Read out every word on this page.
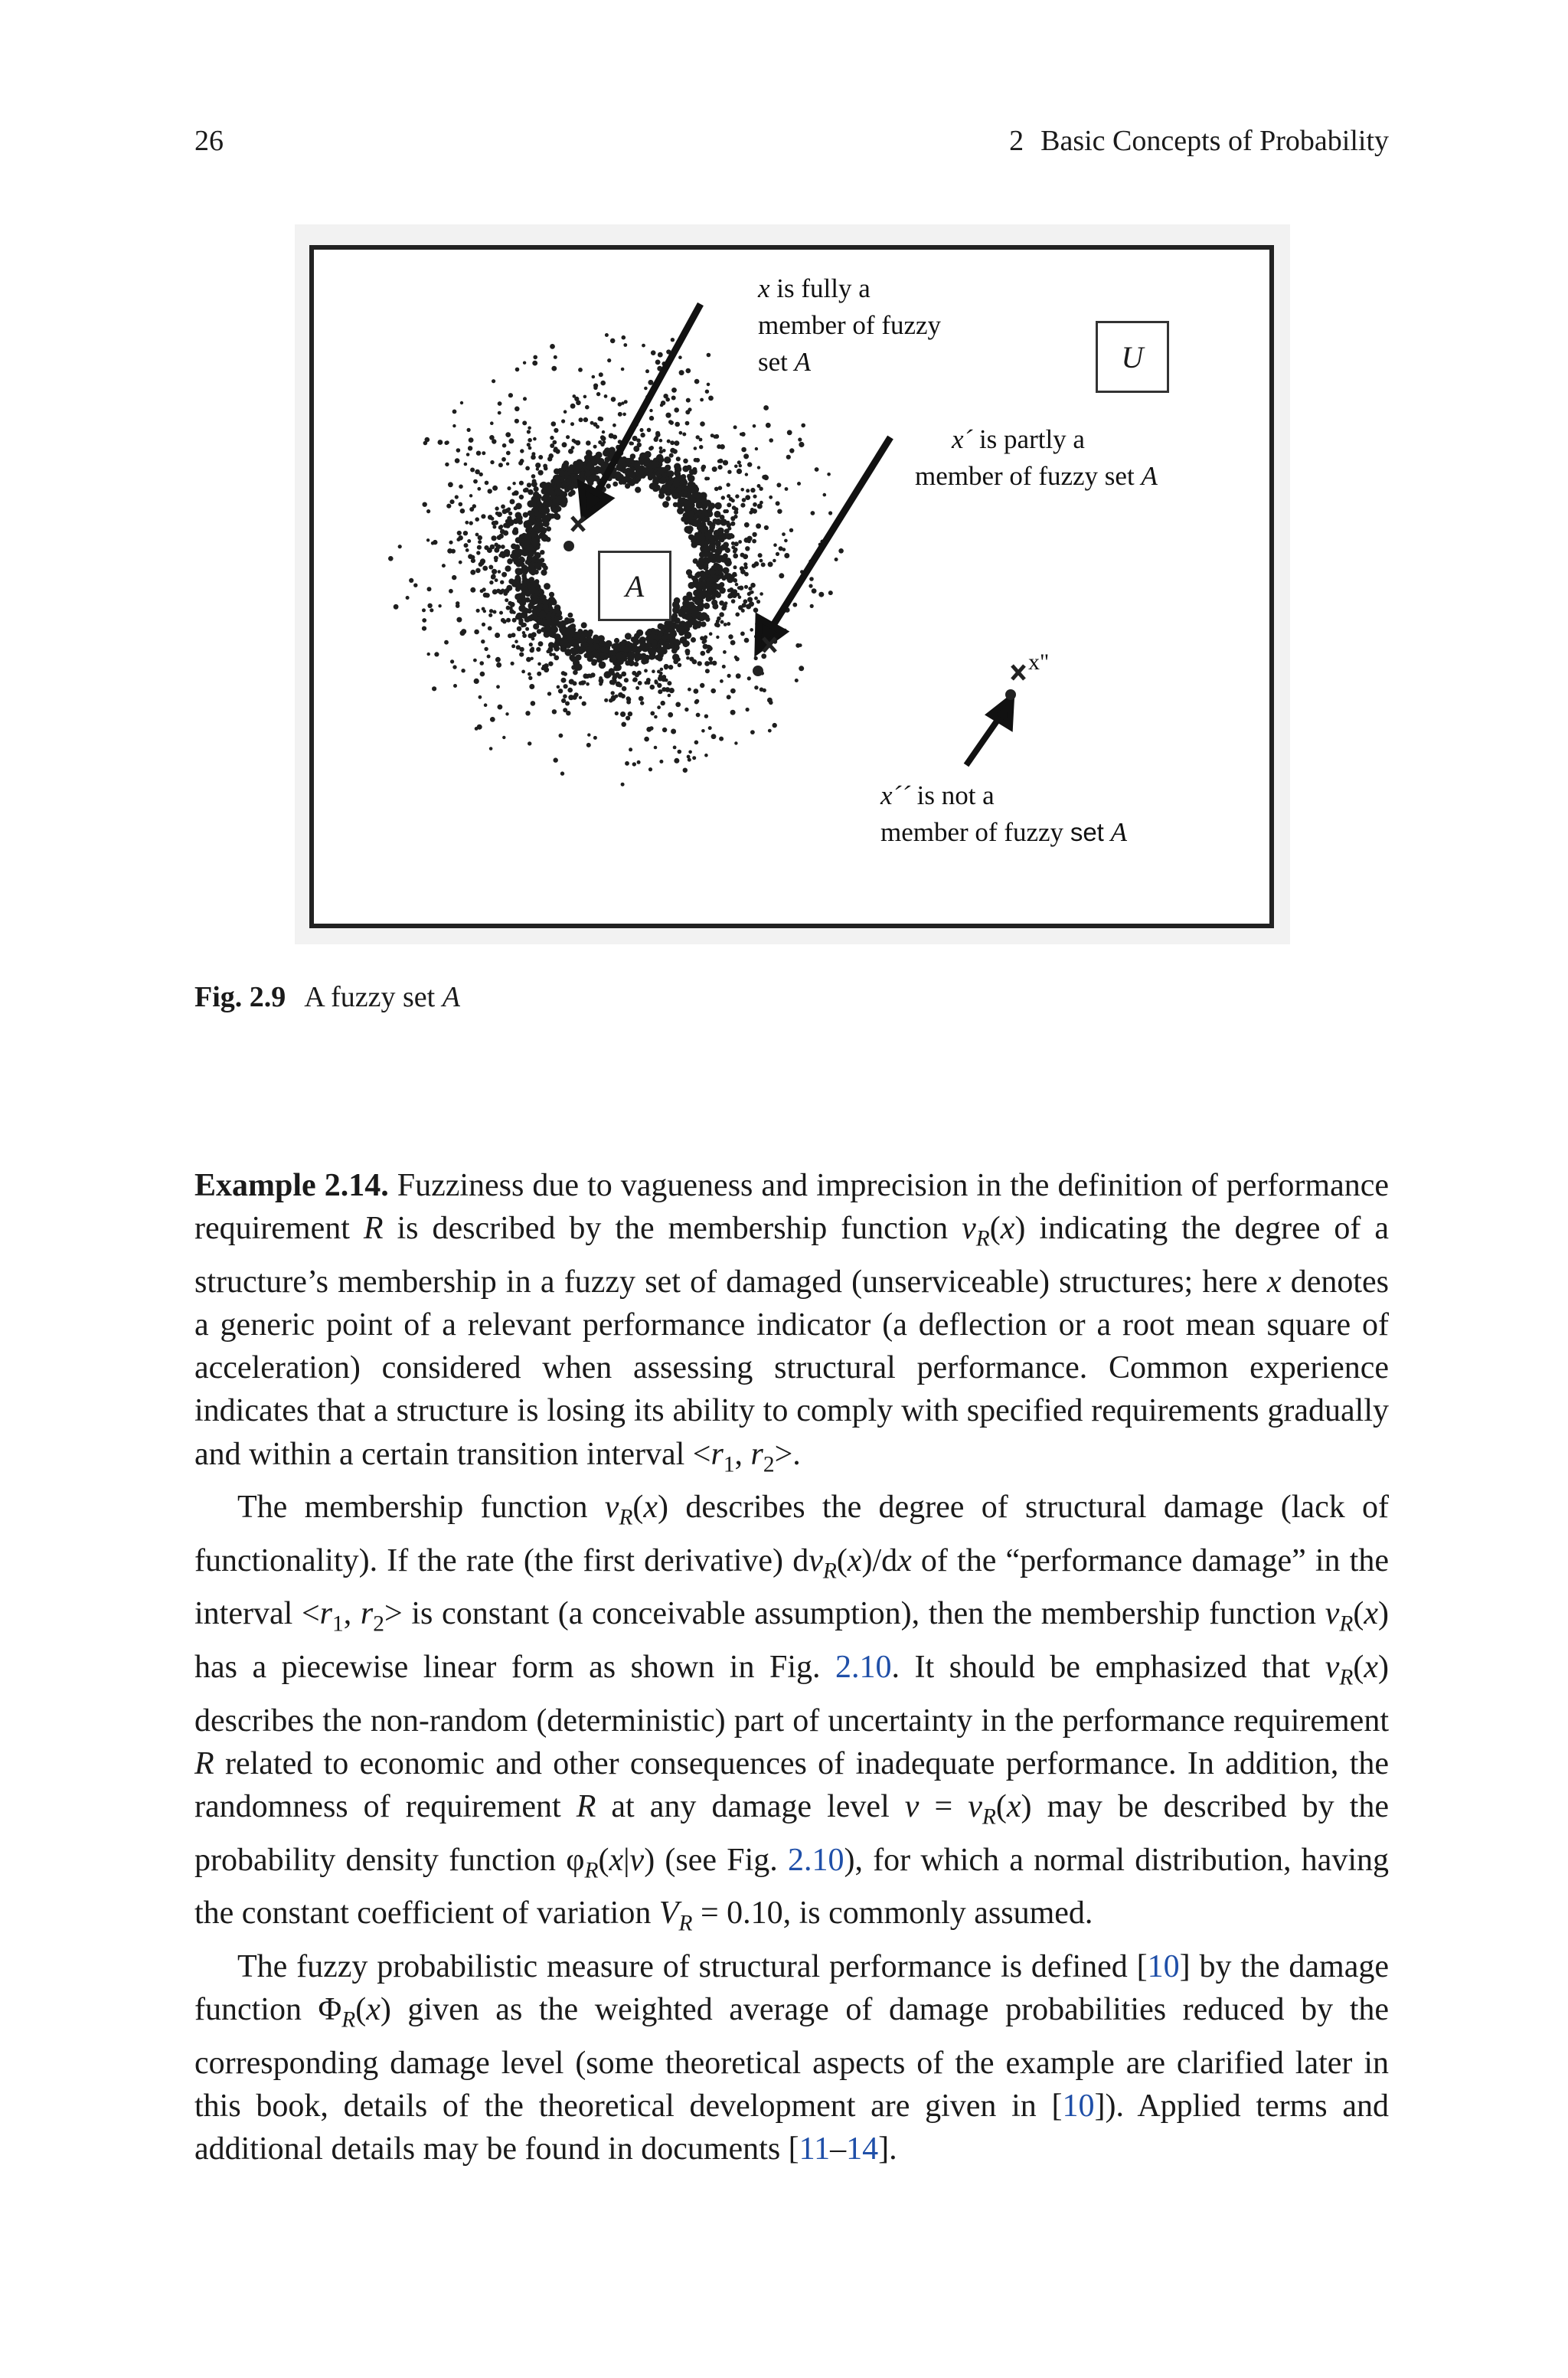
26	2 Basic Concepts of Probability
x is fully a
member of fuzzy
set A	U
x´ is partly a
member of fuzzy set A
A
x"
x´´ is not a
member of fuzzy set A
Fig. 2.9 A fuzzy set A

Example 2.14. Fuzziness due to vagueness and imprecision in the definition of performance requirement R is described by the membership function $\nu_R(x)$ indicating the degree of a structure’s membership in a fuzzy set of damaged (unserviceable) structures; here x denotes a generic point of a relevant performance indicator (a deflection or a root mean square of acceleration) considered when assessing structural performance. Common experience indicates that a structure is losing its ability to comply with specified requirements gradually and within a certain transition interval $<r_1$, $r_2>$.

The membership function $\nu_R(x)$ describes the degree of structural damage (lack of functionality). If the rate (the first derivative) $d\nu_R(x)/dx$ of the “performance damage” in the interval $<r_1$, $r_2>$ is constant (a conceivable assumption), then the membership function $\nu_R(x)$ has a piecewise linear form as shown in Fig. 2.10. It should be emphasized that $\nu_R(x)$ describes the non-random (deterministic) part of uncertainty in the performance requirement R related to economic and other consequences of inadequate performance. In addition, the randomness of requirement R at any damage level $\nu = \nu_R(x)$ may be described by the probability density function $\varphi_R(x|\nu)$ (see Fig. 2.10), for which a normal distribution, having the constant coefficient of variation $V_R = 0.10$, is commonly assumed.

The fuzzy probabilistic measure of structural performance is defined [10] by the damage function $\Phi_R(x)$ given as the weighted average of damage probabilities reduced by the corresponding damage level (some theoretical aspects of the example are clarified later in this book, details of the theoretical development are given in [10]). Applied terms and additional details may be found in documents [11–14].
